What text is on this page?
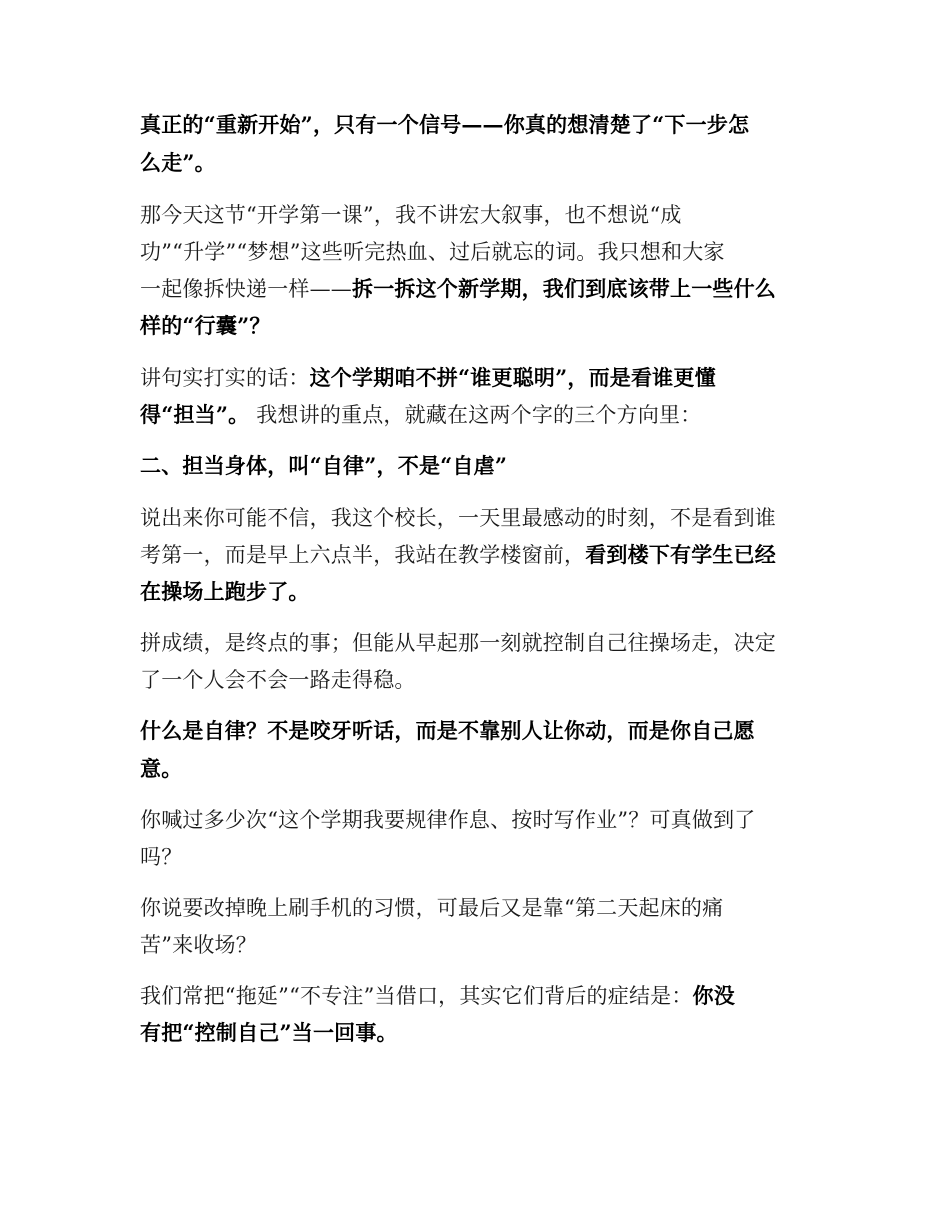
真正的“重新开始”，只有一个信号——你真的想清楚了“下一步怎
么走”。
那今天这节“开学第一课”，我不讲宏大叙事，也不想说“成
功”“升学”“梦想”这些听完热血、过后就忘的词。我只想和大家
一起像拆快递一样——拆一拆这个新学期，我们到底该带上一些什么
样的“行囊”？
讲句实打实的话：这个学期咱不拼“谁更聪明”，而是看谁更懂
得“担当”。 我想讲的重点，就藏在这两个字的三个方向里：
二、担当身体，叫“自律”，不是“自虐”
说出来你可能不信，我这个校长，一天里最感动的时刻，不是看到谁
考第一，而是早上六点半，我站在教学楼窗前，看到楼下有学生已经
在操场上跑步了。
拼成绩，是终点的事；但能从早起那一刻就控制自己往操场走，决定
了一个人会不会一路走得稳。
什么是自律？不是咬牙听话，而是不靠别人让你动，而是你自己愿
意。
你喊过多少次“这个学期我要规律作息、按时写作业”？可真做到了
吗？
你说要改掉晚上刷手机的习惯，可最后又是靠“第二天起床的痛
苦”来收场？
我们常把“拖延”“不专注”当借口，其实它们背后的症结是：你没
有把“控制自己”当一回事。
